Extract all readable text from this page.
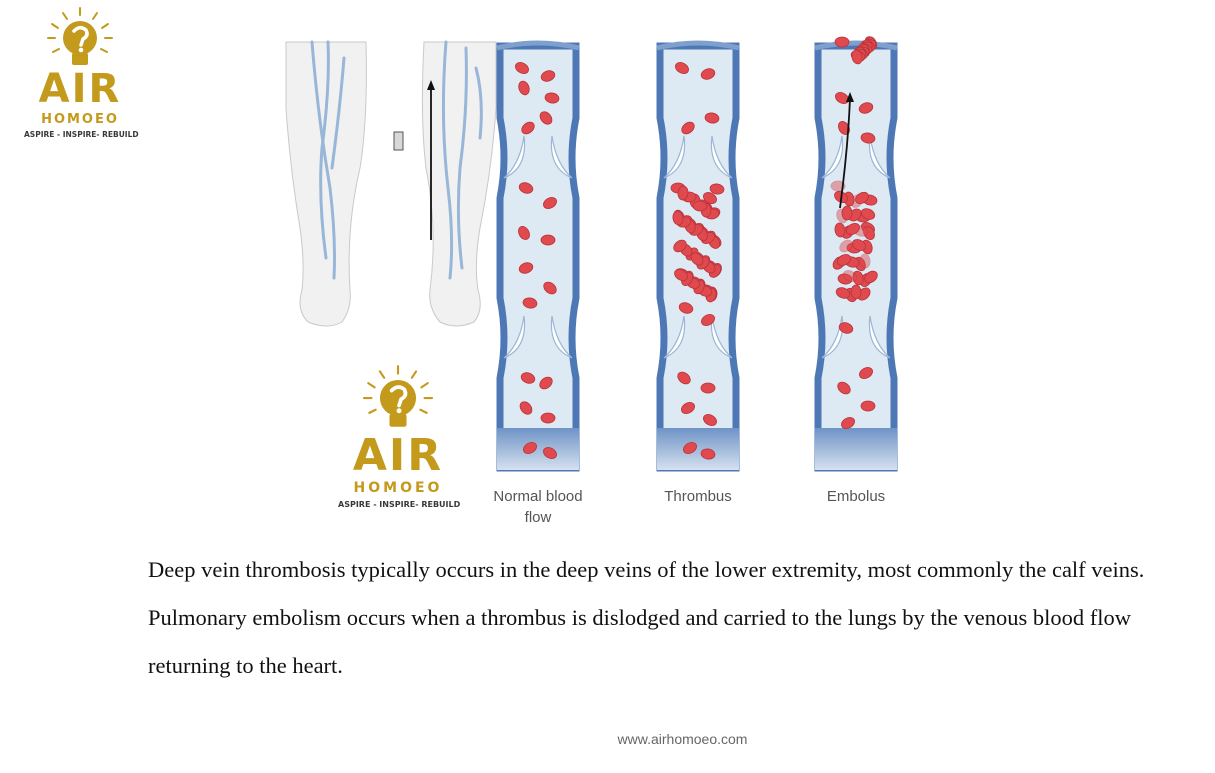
AIR
HOMOEO
ASPIRE - INSPIRE- REBUILD
Normal blood flow
Thrombus	Embolus
AIR
HOMOEO
ASPIRE - INSPIRE- REBUILD
Deep vein thrombosis typically occurs in the deep veins of the lower extremity, most commonly the calf veins. Pulmonary embolism occurs when a thrombus is dislodged and carried to the lungs by the venous blood flow returning to the heart.
www.airhomoeo.com
